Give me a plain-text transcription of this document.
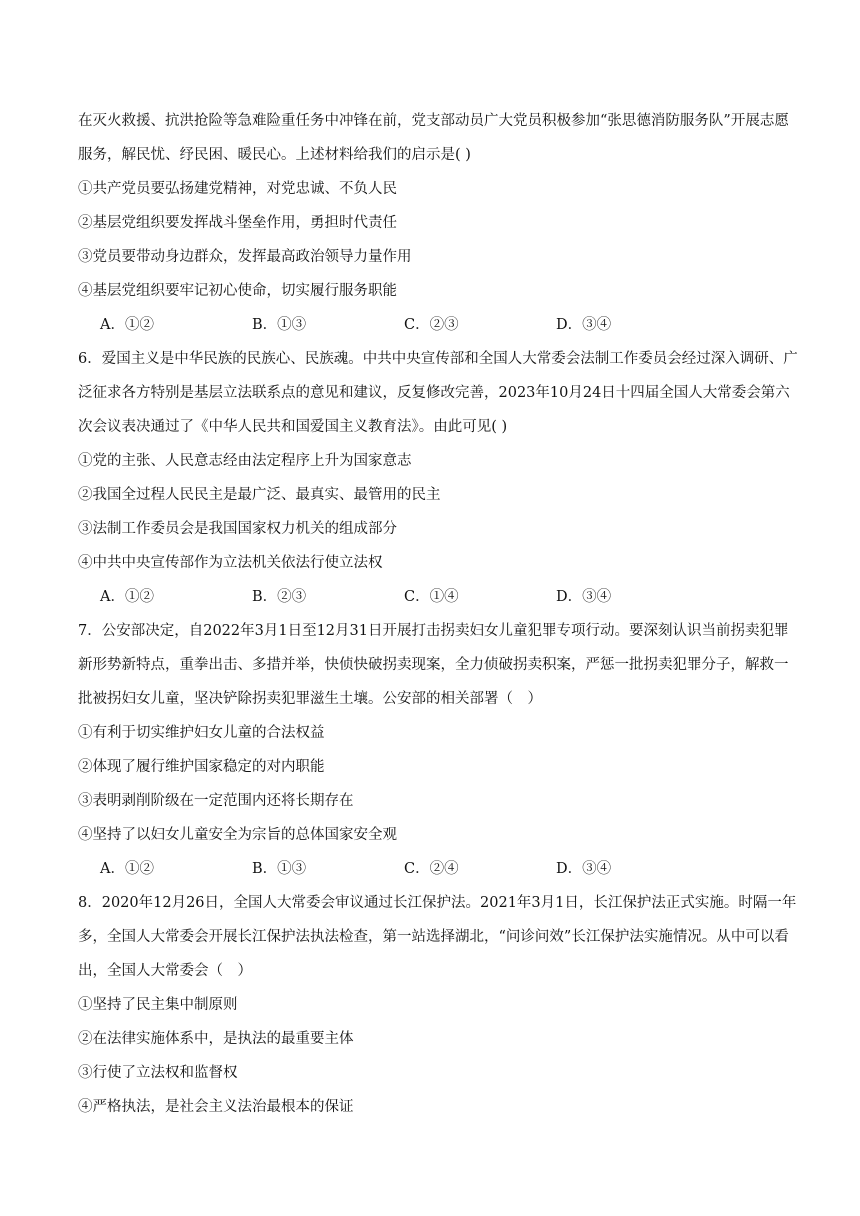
在灭火救援、抗洪抢险等急难险重任务中冲锋在前，党支部动员广大党员积极参加“张思德消防服务队”开展志愿服务，解民忧、纾民困、暖民心。上述材料给我们的启示是( )

①共产党员要弘扬建党精神，对党忠诚、不负人民

②基层党组织要发挥战斗堡垒作用，勇担时代责任

③党员要带动身边群众，发挥最高政治领导力量作用

④基层党组织要牢记初心使命，切实履行服务职能

A．①②	B．①③	C．②③	D．③④

6．爱国主义是中华民族的民族心、民族魂。中共中央宣传部和全国人大常委会法制工作委员会经过深入调研、广泛征求各方特别是基层立法联系点的意见和建议，反复修改完善，2023年10月24日十四届全国人大常委会第六次会议表决通过了《中华人民共和国爱国主义教育法》。由此可见( )

①党的主张、人民意志经由法定程序上升为国家意志

②我国全过程人民民主是最广泛、最真实、最管用的民主

③法制工作委员会是我国国家权力机关的组成部分

④中共中央宣传部作为立法机关依法行使立法权

A．①②	B．②③	C．①④	D．③④

7．公安部决定，自2022年3月1日至12月31日开展打击拐卖妇女儿童犯罪专项行动。要深刻认识当前拐卖犯罪新形势新特点，重拳出击、多措并举，快侦快破拐卖现案，全力侦破拐卖积案，严惩一批拐卖犯罪分子，解救一批被拐妇女儿童，坚决铲除拐卖犯罪滋生土壤。公安部的相关部署（　）

①有利于切实维护妇女儿童的合法权益

②体现了履行维护国家稳定的对内职能

③表明剥削阶级在一定范围内还将长期存在

④坚持了以妇女儿童安全为宗旨的总体国家安全观

A．①②	B．①③	C．②④	D．③④

8．2020年12月26日，全国人大常委会审议通过长江保护法。2021年3月1日，长江保护法正式实施。时隔一年多，全国人大常委会开展长江保护法执法检查，第一站选择湖北，“问诊问效”长江保护法实施情况。从中可以看出，全国人大常委会（　）

①坚持了民主集中制原则

②在法律实施体系中，是执法的最重要主体

③行使了立法权和监督权

④严格执法，是社会主义法治最根本的保证
